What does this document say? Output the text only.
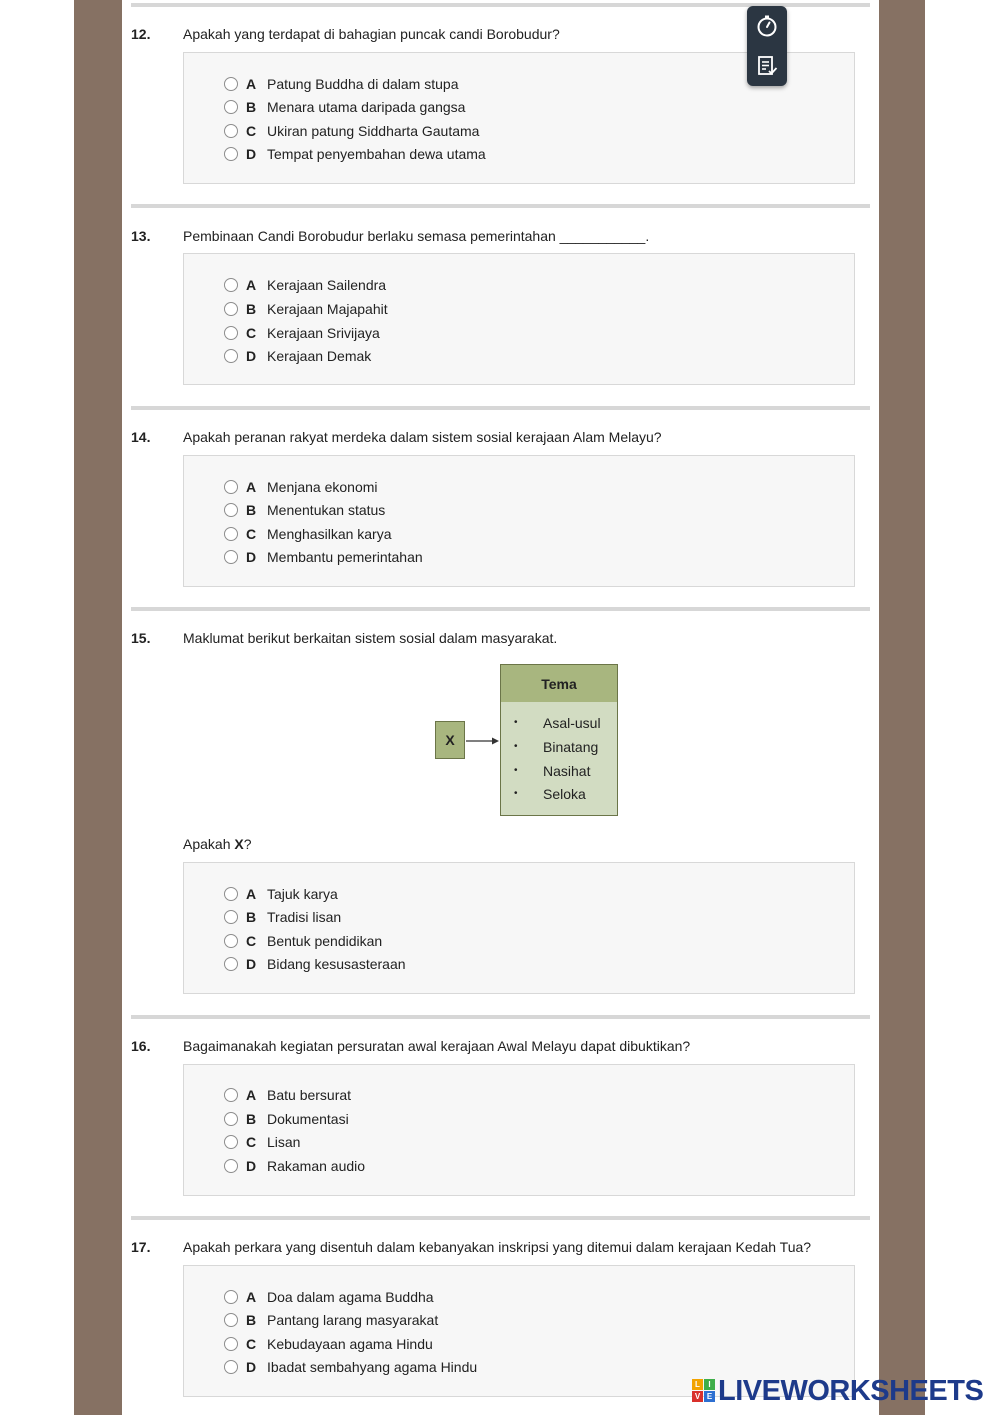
12. Apakah yang terdapat di bahagian puncak candi Borobudur?
A Patung Buddha di dalam stupa
B Menara utama daripada gangsa
C Ukiran patung Siddharta Gautama
D Tempat penyembahan dewa utama
13. Pembinaan Candi Borobudur berlaku semasa pemerintahan ___________.
A Kerajaan Sailendra
B Kerajaan Majapahit
C Kerajaan Srivijaya
D Kerajaan Demak
14. Apakah peranan rakyat merdeka dalam sistem sosial kerajaan Alam Melayu?
A Menjana ekonomi
B Menentukan status
C Menghasilkan karya
D Membantu pemerintahan
15. Maklumat berikut berkaitan sistem sosial dalam masyarakat.
X
Tema
• Asal-usul
• Binatang
• Nasihat
• Seloka
Apakah X?
A Tajuk karya
B Tradisi lisan
C Bentuk pendidikan
D Bidang kesusasteraan
16. Bagaimanakah kegiatan persuratan awal kerajaan Awal Melayu dapat dibuktikan?
A Batu bersurat
B Dokumentasi
C Lisan
D Rakaman audio
17. Apakah perkara yang disentuh dalam kebanyakan inskripsi yang ditemui dalam kerajaan Kedah Tua?
A Doa dalam agama Buddha
B Pantang larang masyarakat
C Kebudayaan agama Hindu
D Ibadat sembahyang agama Hindu
L	I
V E LIVEWORKSHEETS
